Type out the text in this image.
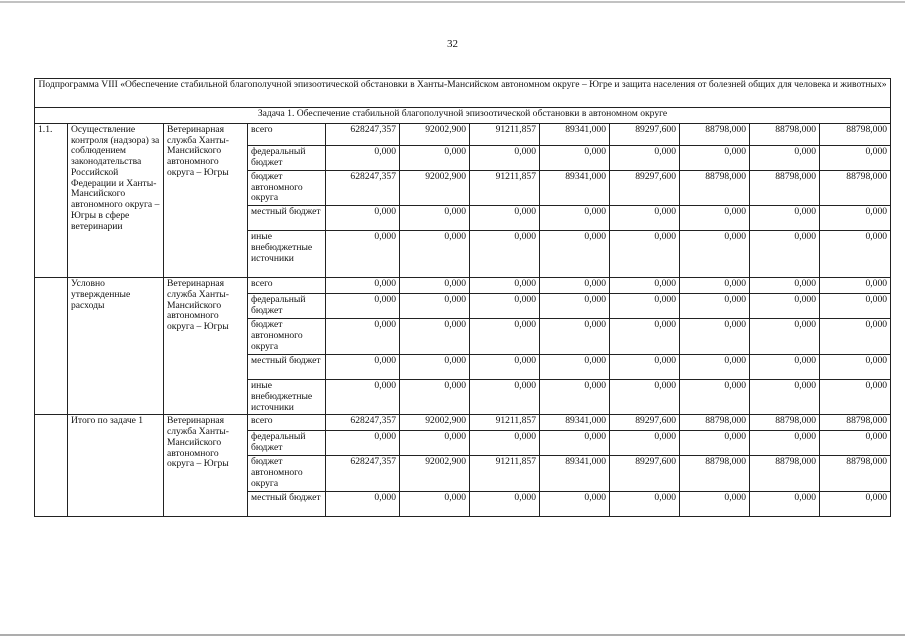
32
Подпрограмма VIII «Обеспечение стабильной благополучной эпизоотической обстановки в Ханты-Мансийском автономном округе – Югре и защита населения от болезней общих для человека и животных»											
Задача 1. Обеспечение стабильной благополучной эпизоотической обстановки в автономном округе											
1.1.	Осуществление контроля (надзора) за соблюдением законодательства Российской Федерации и Ханты-Мансийского автономного округа – Югры в сфере ветеринарии	Ветеринарная служба Ханты-Мансийского автономного округа – Югры	всего	628247,357	92002,900	91211,857	89341,000	89297,600	88798,000	88798,000	88798,000
			федеральный бюджет	0,000	0,000	0,000	0,000	0,000	0,000	0,000	0,000
			бюджет автономного округа	628247,357	92002,900	91211,857	89341,000	89297,600	88798,000	88798,000	88798,000
			местный бюджет	0,000	0,000	0,000	0,000	0,000	0,000	0,000	0,000
			иные внебюджетные источники	0,000	0,000	0,000	0,000	0,000	0,000	0,000	0,000
	Условно утвержденные расходы	Ветеринарная служба Ханты-Мансийского автономного округа – Югры	всего	0,000	0,000	0,000	0,000	0,000	0,000	0,000	0,000
			федеральный бюджет	0,000	0,000	0,000	0,000	0,000	0,000	0,000	0,000
			бюджет автономного округа	0,000	0,000	0,000	0,000	0,000	0,000	0,000	0,000
			местный бюджет	0,000	0,000	0,000	0,000	0,000	0,000	0,000	0,000
			иные внебюджетные источники	0,000	0,000	0,000	0,000	0,000	0,000	0,000	0,000
	Итого по задаче 1	Ветеринарная служба Ханты-Мансийского автономного округа – Югры	всего	628247,357	92002,900	91211,857	89341,000	89297,600	88798,000	88798,000	88798,000
			федеральный бюджет	0,000	0,000	0,000	0,000	0,000	0,000	0,000	0,000
			бюджет автономного округа	628247,357	92002,900	91211,857	89341,000	89297,600	88798,000	88798,000	88798,000
			местный бюджет	0,000	0,000	0,000	0,000	0,000	0,000	0,000	0,000
